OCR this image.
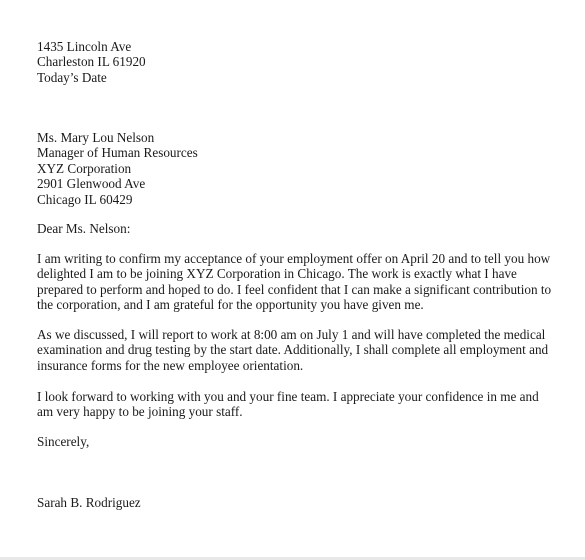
1435 Lincoln Ave
Charleston IL 61920
Today’s Date
Ms. Mary Lou Nelson
Manager of Human Resources
XYZ Corporation
2901 Glenwood Ave
Chicago IL 60429
Dear Ms. Nelson:
I am writing to confirm my acceptance of your employment offer on April 20 and to tell you how
delighted I am to be joining XYZ Corporation in Chicago. The work is exactly what I have
prepared to perform and hoped to do. I feel confident that I can make a significant contribution to
the corporation, and I am grateful for the opportunity you have given me.
As we discussed, I will report to work at 8:00 am on July 1 and will have completed the medical
examination and drug testing by the start date. Additionally, I shall complete all employment and
insurance forms for the new employee orientation.
I look forward to working with you and your fine team. I appreciate your confidence in me and
am very happy to be joining your staff.
Sincerely,
Sarah B. Rodriguez
